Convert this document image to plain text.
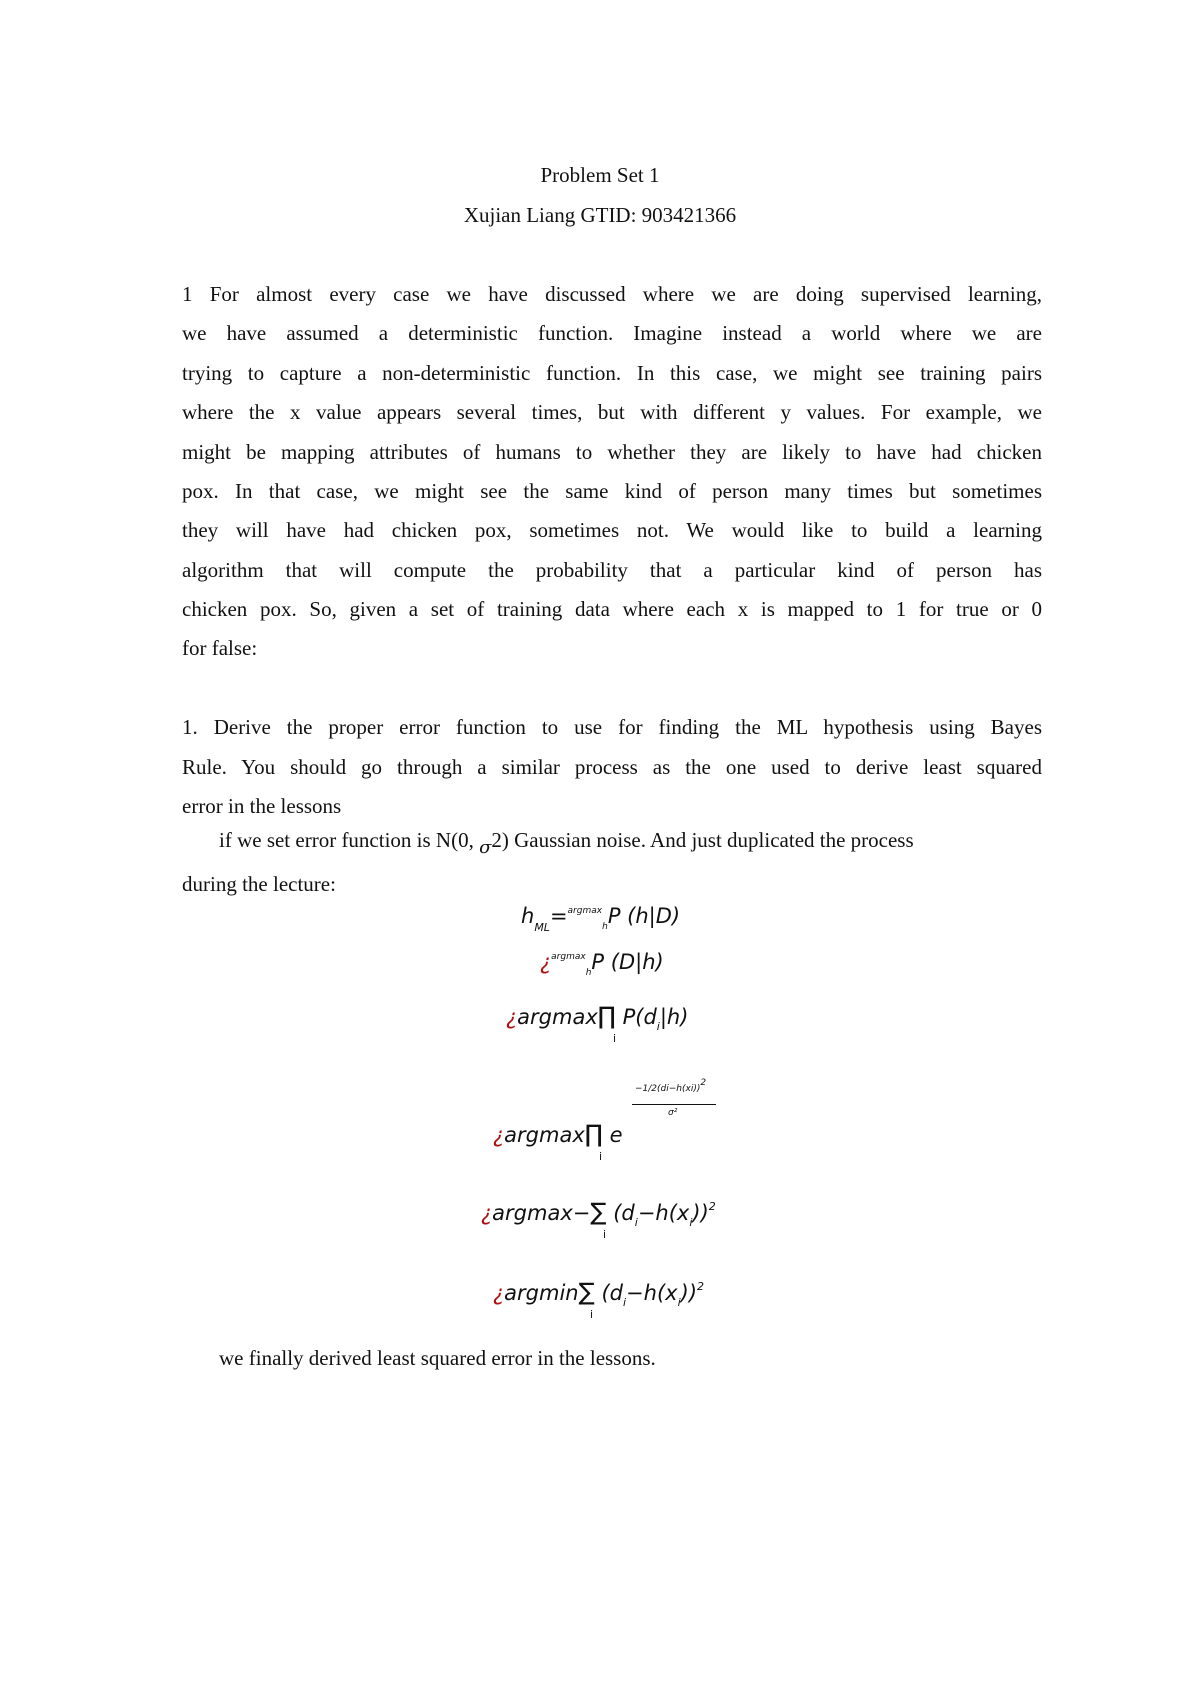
Problem Set 1
Xujian Liang GTID: 903421366
1 For almost every case we have discussed where we are doing supervised learning,
we have assumed a deterministic function. Imagine instead a world where we are
trying to capture a non-deterministic function. In this case, we might see training pairs
where the x value appears several times, but with different y values. For example, we
might be mapping attributes of humans to whether they are likely to have had chicken
pox. In that case, we might see the same kind of person many times but sometimes
they will have had chicken pox, sometimes not. We would like to build a learning
algorithm that will compute the probability that a particular kind of person has
chicken pox. So, given a set of training data where each x is mapped to 1 for true or 0
for false:
1. Derive the proper error function to use for finding the ML hypothesis using Bayes
Rule. You should go through a similar process as the one used to derive least squared
error in the lessons
if we set error function is N(0, σ2) Gaussian noise. And just duplicated the process
during the lecture:
$h_{ML}=^{argmax}_hP$ (h|D)
¿$^{argmax}_h$P (D|h)
¿argmax∏ $P(d_i|h)$
i
¿argmax∏ e
i
−1/2(di−h(xi))2
σ²
¿argmax−∑ $(d_i-h(x_i))^2$
i
¿argmin∑ $(d_i-h(x_i))^2$
i
we finally derived least squared error in the lessons.
